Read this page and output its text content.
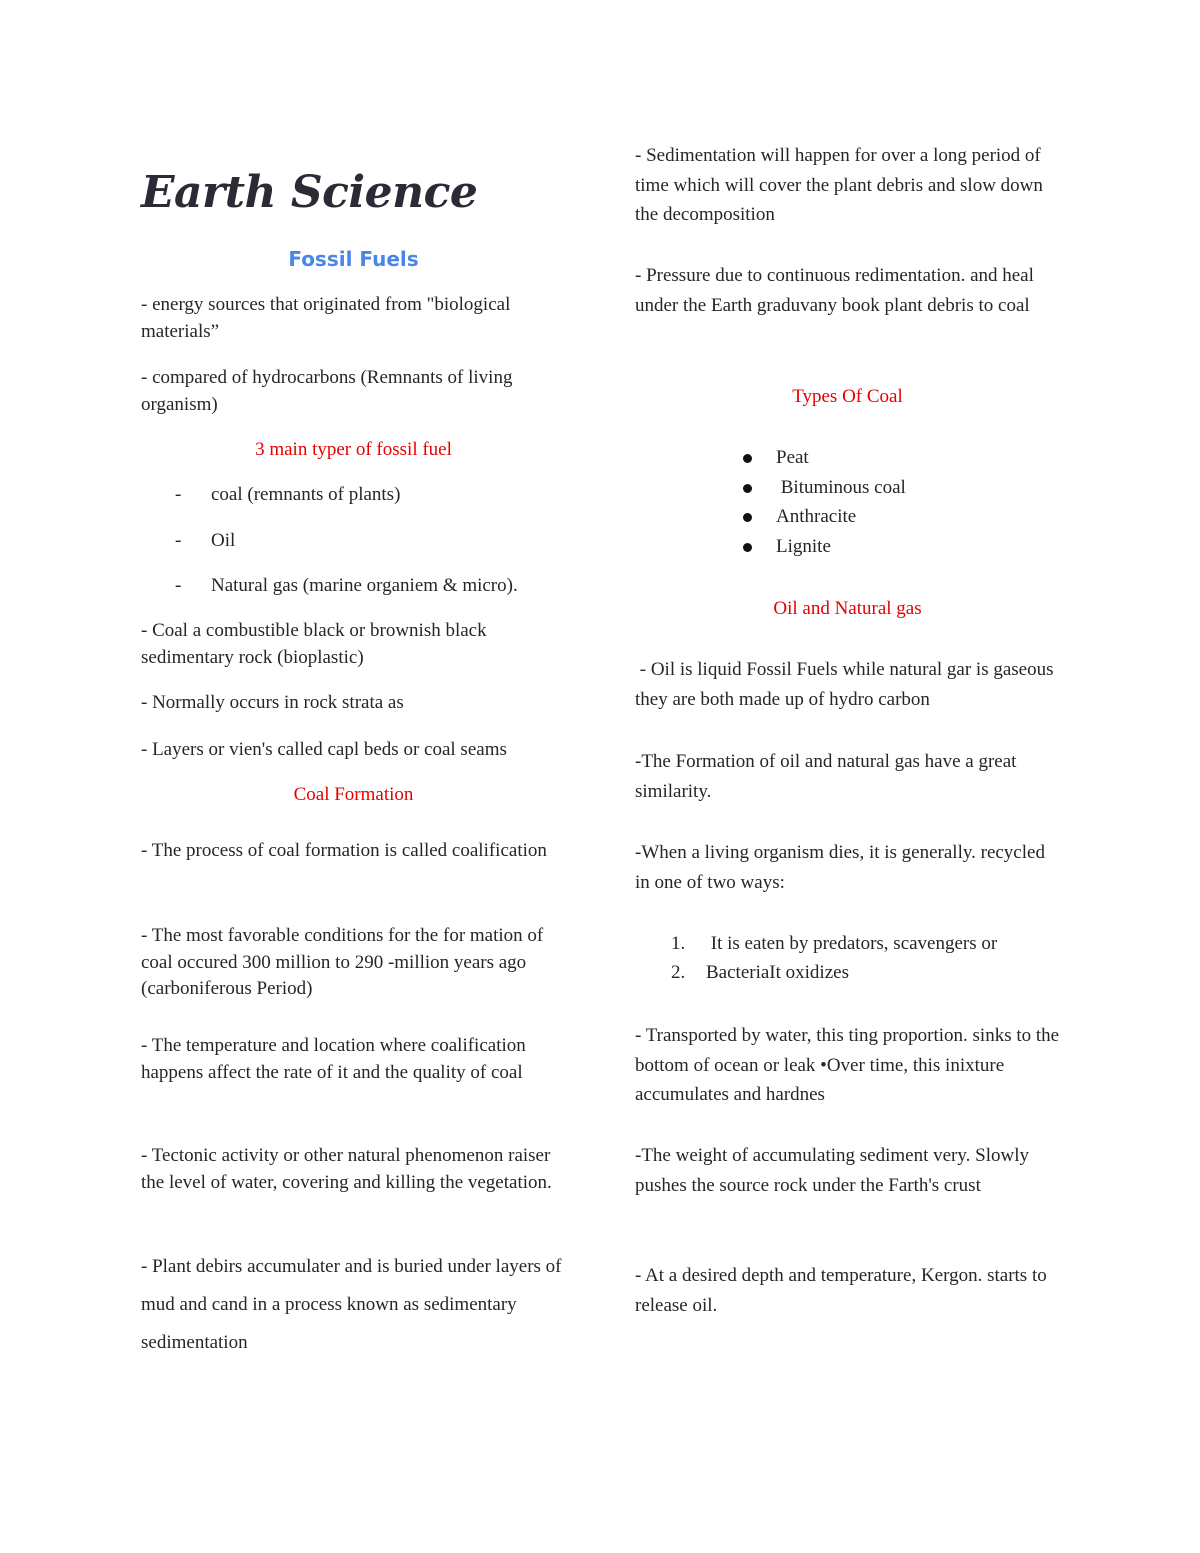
Earth Science
Fossil Fuels

- energy sources that originated from "biological materials”

- compared of hydrocarbons (Remnants of living organism)

3 main typer of fossil fuel

- coal (remnants of plants)
- Oil
- Natural gas (marine organiem & micro).

- Coal a combustible black or brownish black sedimentary rock (bioplastic)

- Normally occurs in rock strata as

- Layers or vien's called capl beds or coal seams

Coal Formation

- The process of coal formation is called coalification

- The most favorable conditions for the for mation of coal occured 300 million to 290 -million years ago (carboniferous Period)

- The temperature and location where coalification happens affect the rate of it and the quality of coal

- Tectonic activity or other natural phenomenon raiser the level of water, covering and killing the vegetation.

- Plant debirs accumulater and is buried under layers of mud and cand in a process known as sedimentary sedimentation

- Sedimentation will happen for over a long period of time which will cover the plant debris and slow down the decomposition

- Pressure due to continuous redimentation. and heal under the Earth graduvany book plant debris to coal

Types Of Coal

Peat
Bituminous coal
Anthracite
Lignite

Oil and Natural gas

- Oil is liquid Fossil Fuels while natural gar is gaseous they are both made up of hydro carbon

-The Formation of oil and natural gas have a great similarity.

-When a living organism dies, it is generally. recycled in one of two ways:

1. It is eaten by predators, scavengers or
2. BacteriaIt oxidizes

- Transported by water, this ting proportion. sinks to the bottom of ocean or leak •Over time, this inixture accumulates and hardnes

-The weight of accumulating sediment very. Slowly pushes the source rock under the Farth's crust

- At a desired depth and temperature, Kergon. starts to release oil.
